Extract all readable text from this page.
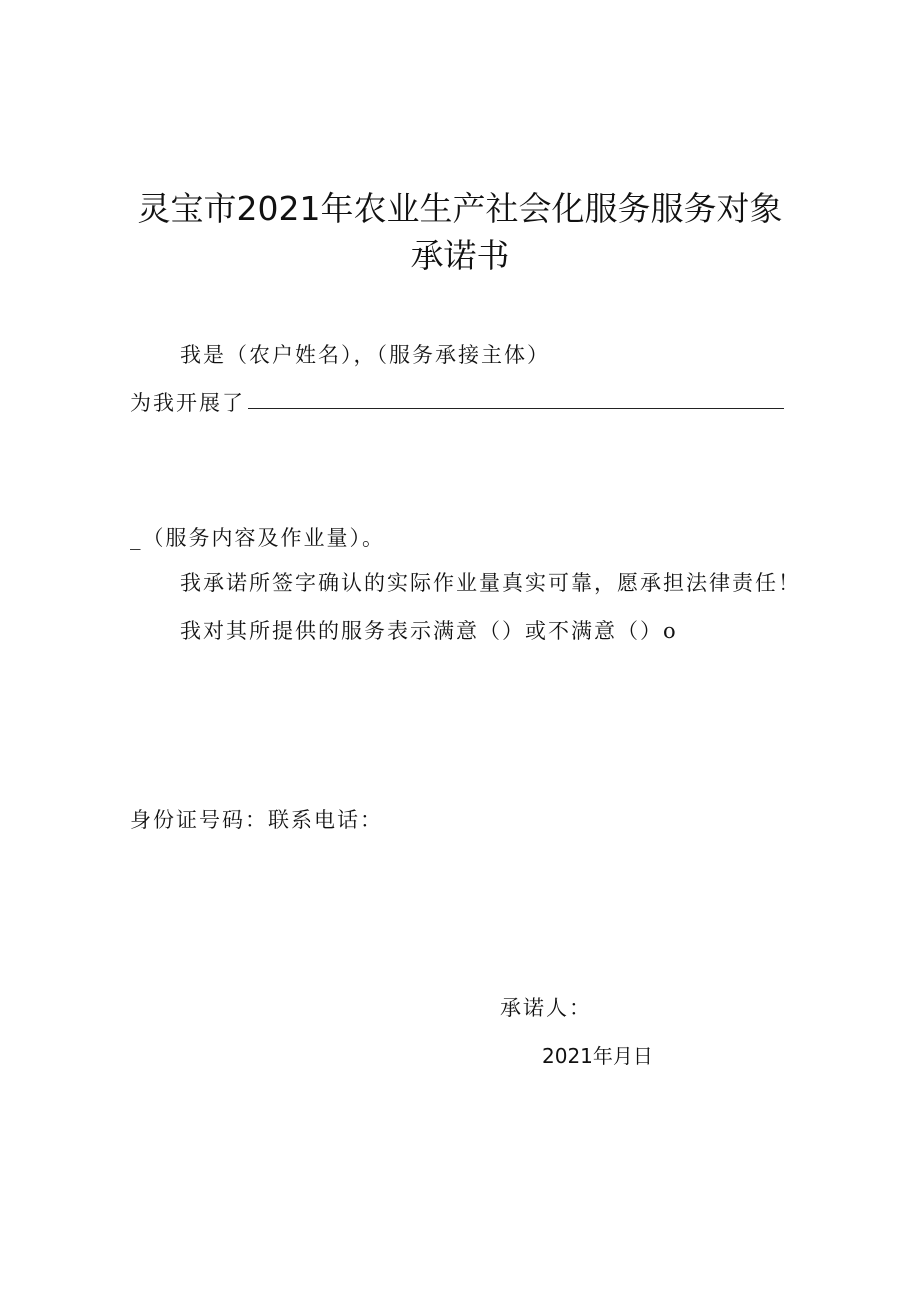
灵宝市2021年农业生产社会化服务服务对象
承诺书
我是（农户姓名），（服务承接主体）
为我开展了
_（服务内容及作业量）。
我承诺所签字确认的实际作业量真实可靠，愿承担法律责任！
我对其所提供的服务表示满意（）或不满意（）o
身份证号码：联系电话：
承诺人：
2021年月日
